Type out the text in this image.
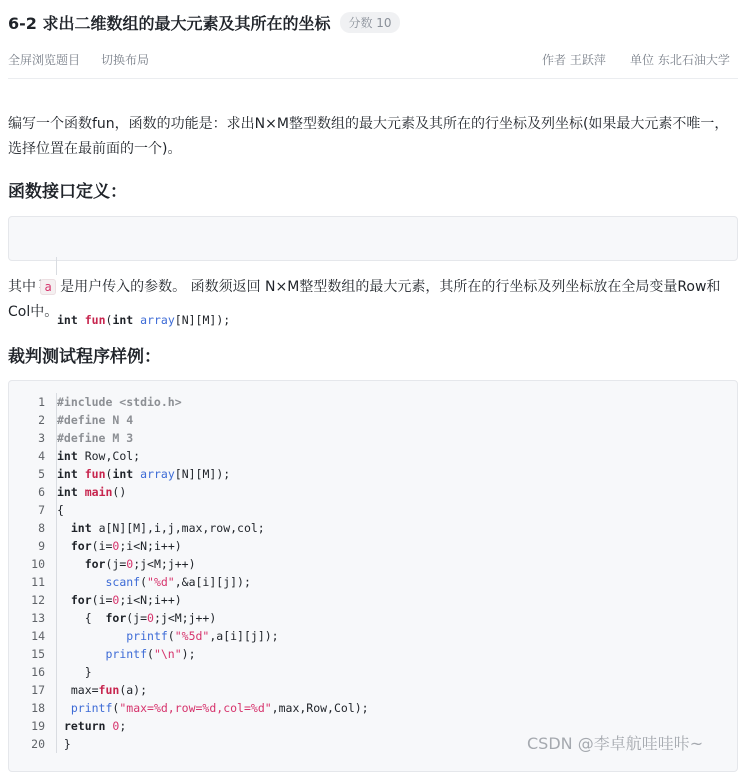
6-2 求出二维数组的最大元素及其所在的坐标	分数 10
全屏浏览题目 切换布局	作者 王跃萍 单位 东北石油大学
编写一个函数fun，函数的功能是：求出N×M整型数组的最大元素及其所在的行坐标及列坐标(如果最大元素不唯一，选择位置在最前面的一个)。
函数接口定义：

int fun(int array[N][M]);

其中 a 是用户传入的参数。 函数须返回 N×M整型数组的最大元素，其所在的行坐标及列坐标放在全局变量Row和Col中。
裁判测试程序样例：

1 #include <stdio.h>
2 #define N 4
3 #define M 3
4 int Row,Col;
5 int fun(int array[N][M]);
6 int main()
7 {
8	int a[N][M],i,j,max,row,col;
9	for(i=0;i<N;i++)
10	for(j=0;j<M;j++)
11	scanf("%d",&a[i][j]);
12	for(i=0;i<N;i++)
13 {  for(j=0;j<M;j++)
14	printf("%5d",a[i][j]);
15	printf("\n");
16 }
17 max=fun(a);
18	printf("max=%d,row=%d,col=%d",max,Row,Col);
19	return 0;
20 }	CSDN @李卓航哇哇咔~
